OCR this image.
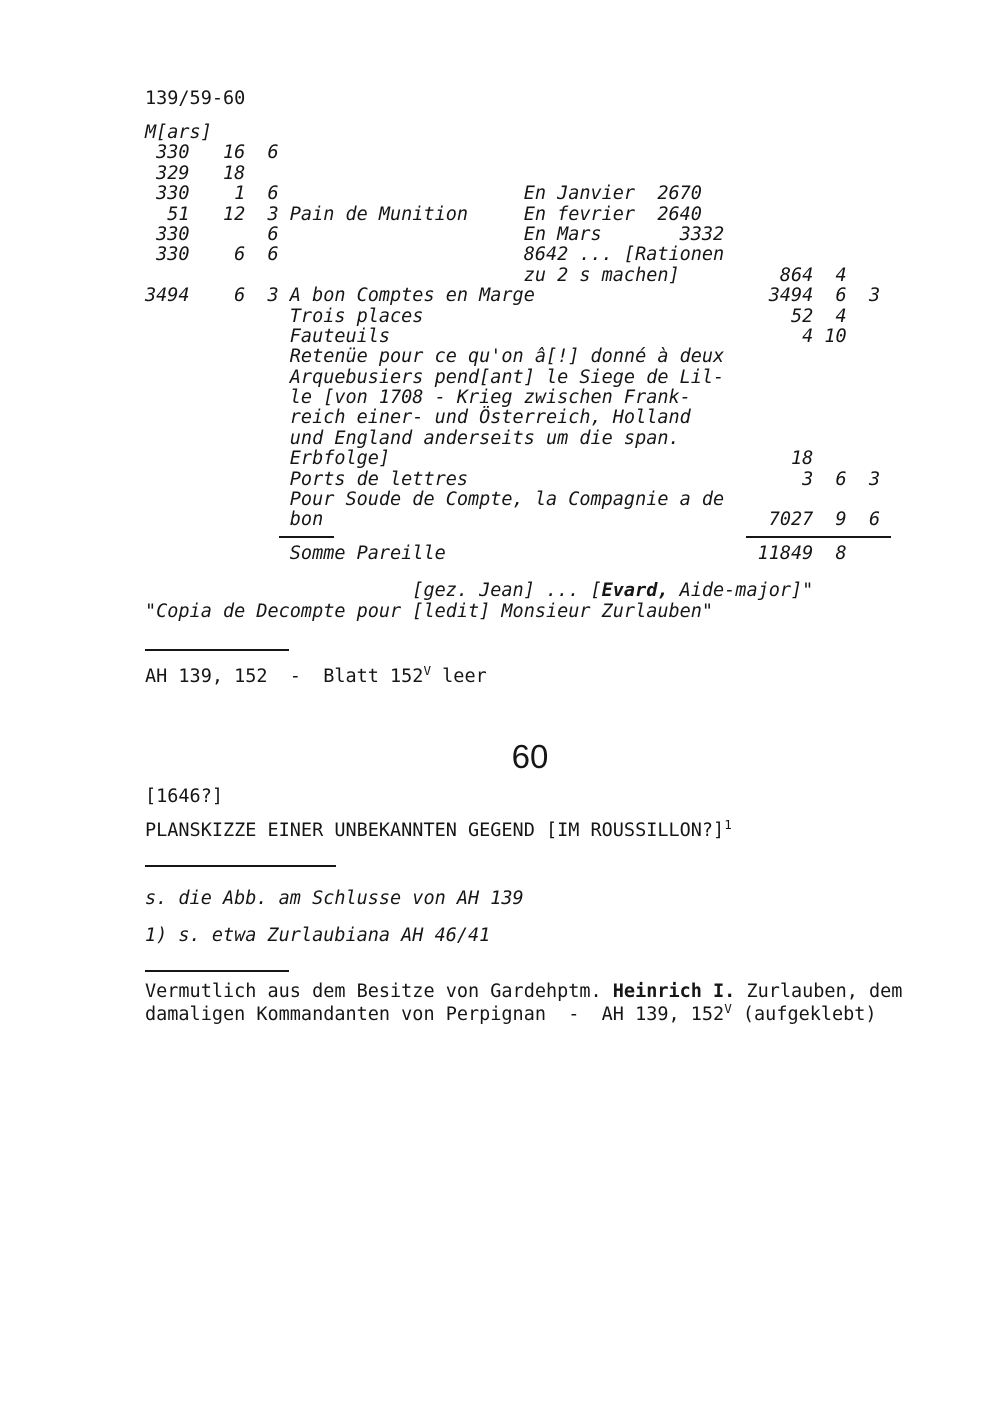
139/59-60
M[ars]
330   16  6
329   18
330    1  6                      En Janvier  2670
51   12  3 Pain de Munition     En fevrier  2640
330       6                      En Mars       3332
330    6  6                      8642 ... [Rationen
zu 2 s machen]         864  4
3494    6  3 A bon Comptes en Marge                     3494  6  3
Trois places                                 52  4
Fauteuils                                     4 10
Retenüe pour ce qu'on â[!] donné à deux
Arquebusiers pend[ant] le Siege de Lil-
le [von 1708 - Krieg zwischen Frank-
reich einer- und Österreich, Holland
und England anderseits um die span.
Erbfolge]                                    18
Ports de lettres                              3  6  3
Pour Soude de Compte, la Compagnie a de
bon                                        7027  9  6
Somme Pareille                            11849  8
[gez. Jean] ... [Evard, Aide-major]"
"Copia de Decompte pour [ledit] Monsieur Zurlauben"
AH 139, 152  -  Blatt $152^V$ leer
60
[1646?]
PLANSKIZZE EINER UNBEKANNTEN GEGEND [IM ROUSSILLON?]$^1$
s. die Abb. am Schlusse von AH 139
1) s. etwa Zurlaubiana AH 46/41
Vermutlich aus dem Besitze von Gardehptm. Heinrich I. Zurlauben, dem
damaligen Kommandanten von Perpignan  -  AH 139, $152^V$ (aufgeklebt)
